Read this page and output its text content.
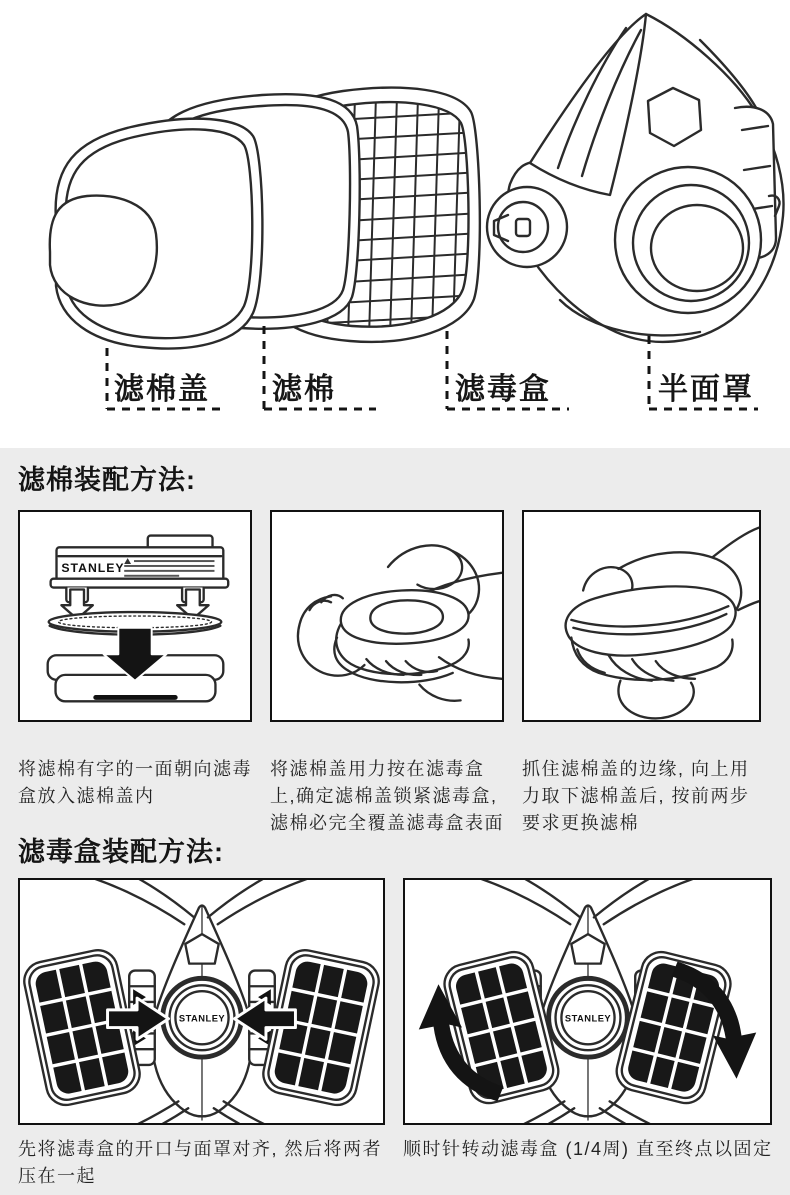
滤棉盖 滤棉	滤毒盒	半面罩
滤棉装配方法:
STANLEY
将滤棉有字的一面朝向滤毒
盒放入滤棉盖内
将滤棉盖用力按在滤毒盒
上,确定滤棉盖锁紧滤毒盒,
滤棉必完全覆盖滤毒盒表面
抓住滤棉盖的边缘, 向上用
力取下滤棉盖后, 按前两步
要求更换滤棉
滤毒盒装配方法:
STANLEY	STANLEY
先将滤毒盒的开口与面罩对齐, 然后将两者
压在一起
顺时针转动滤毒盒 (1/4周) 直至终点以固定
